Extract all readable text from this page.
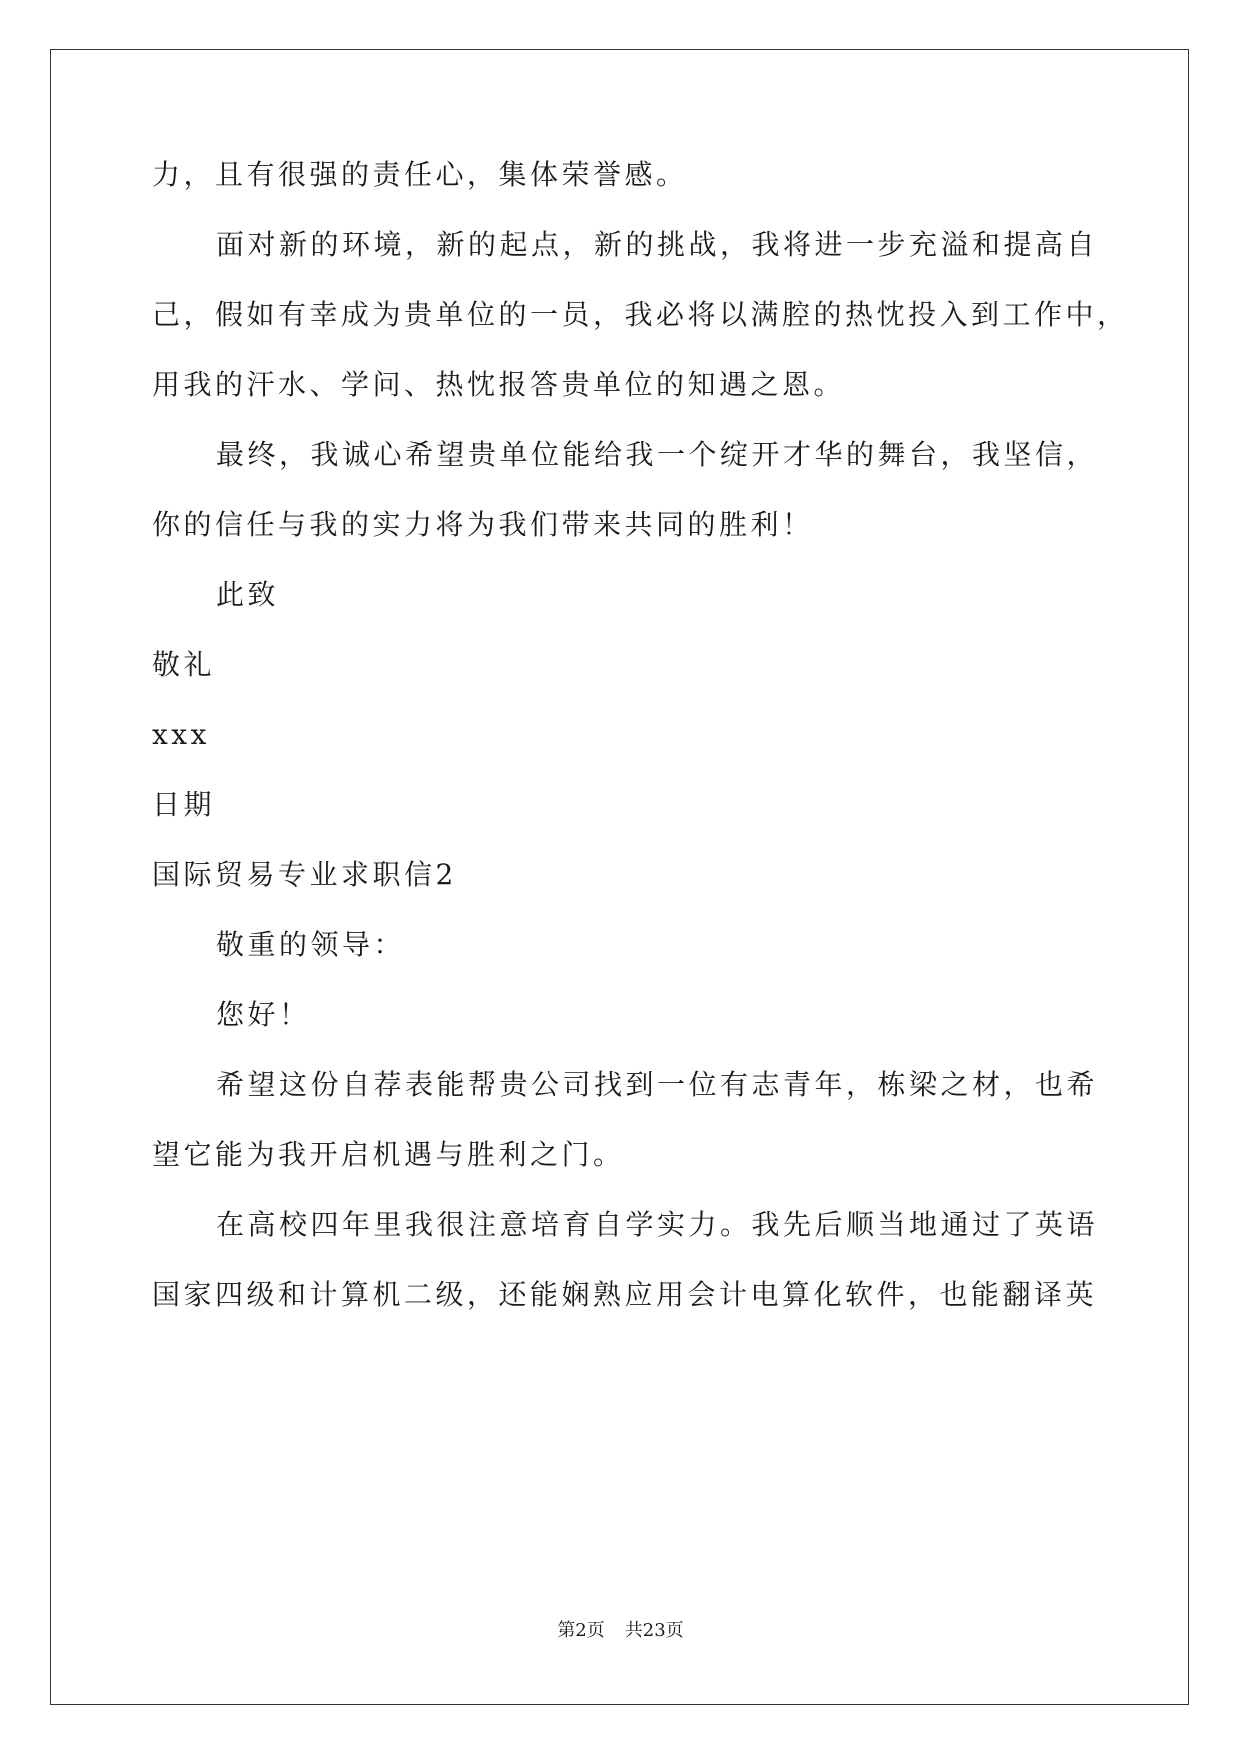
力，且有很强的责任心，集体荣誉感。

面对新的环境，新的起点，新的挑战，我将进一步充溢和提高自

己，假如有幸成为贵单位的一员，我必将以满腔的热忱投入到工作中，

用我的汗水、学问、热忱报答贵单位的知遇之恩。

最终，我诚心希望贵单位能给我一个绽开才华的舞台，我坚信，

你的信任与我的实力将为我们带来共同的胜利！

此致

敬礼

xxx

日期

国际贸易专业求职信2

敬重的领导：

您好！

希望这份自荐表能帮贵公司找到一位有志青年，栋梁之材，也希

望它能为我开启机遇与胜利之门。

在高校四年里我很注意培育自学实力。我先后顺当地通过了英语

国家四级和计算机二级，还能娴熟应用会计电算化软件，也能翻译英

第2页 共23页
